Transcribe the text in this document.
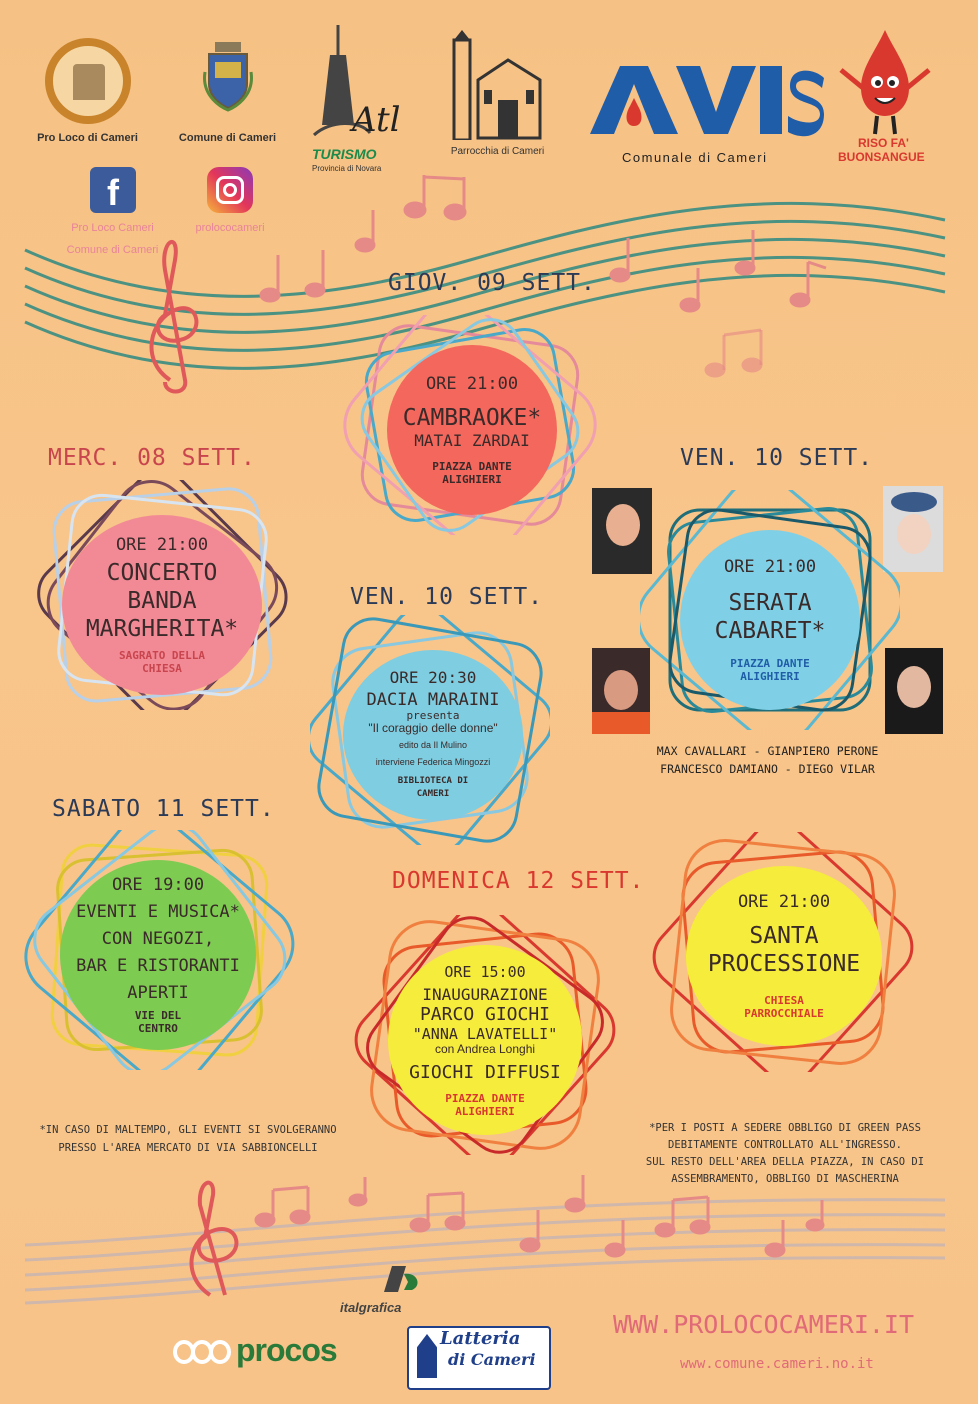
Pro Loco di Cameri	Comune di Cameri	Atl
TURISMO
Provincia di Novara
Parrocchia di Cameri	Comunale di Cameri
RISO FA'
BUONSANGUE
f
Pro Loco Cameri
Comune di Cameri
prolococameri
GIOV. 09 SETT.
ORE 21:00
CAMBRAOKE*
MATAI ZARDAI
PIAZZA DANTE
ALIGHIERI
MERC. 08 SETT.
ORE 21:00
CONCERTO
BANDA
MARGHERITA*
SAGRATO DELLA
CHIESA
VEN. 10 SETT.
ORE 20:30
DACIA MARAINI
presenta
"Il coraggio delle donne"
edito da Il Mulino
interviene Federica Mingozzi
BIBLIOTECA DI
CAMERI
VEN. 10 SETT.
ORE 21:00
SERATA
CABARET*
PIAZZA DANTE
ALIGHIERI
MAX CAVALLARI - GIANPIERO PERONE
FRANCESCO DAMIANO - DIEGO VILAR
SABATO 11 SETT.
ORE 19:00
EVENTI E MUSICA*
CON NEGOZI,
BAR E RISTORANTI
APERTI
VIE DEL
CENTRO
DOMENICA 12 SETT.
ORE 15:00
INAUGURAZIONE
PARCO GIOCHI
"ANNA LAVATELLI"
con Andrea Longhi
GIOCHI DIFFUSI
PIAZZA DANTE
ALIGHIERI
ORE 21:00
SANTA
PROCESSIONE
CHIESA
PARROCCHIALE
*IN CASO DI MALTEMPO, GLI EVENTI SI SVOLGERANNO
PRESSO L'AREA MERCATO DI VIA SABBIONCELLI
*PER I POSTI A SEDERE OBBLIGO DI GREEN PASS
DEBITAMENTE CONTROLLATO ALL'INGRESSO.
SUL RESTO DELL'AREA DELLA PIAZZA, IN CASO DI
ASSEMBRAMENTO, OBBLIGO DI MASCHERINA
italgrafica
procos	Latteria
di Cameri
WWW.PROLOCOCAMERI.IT
www.comune.cameri.no.it
